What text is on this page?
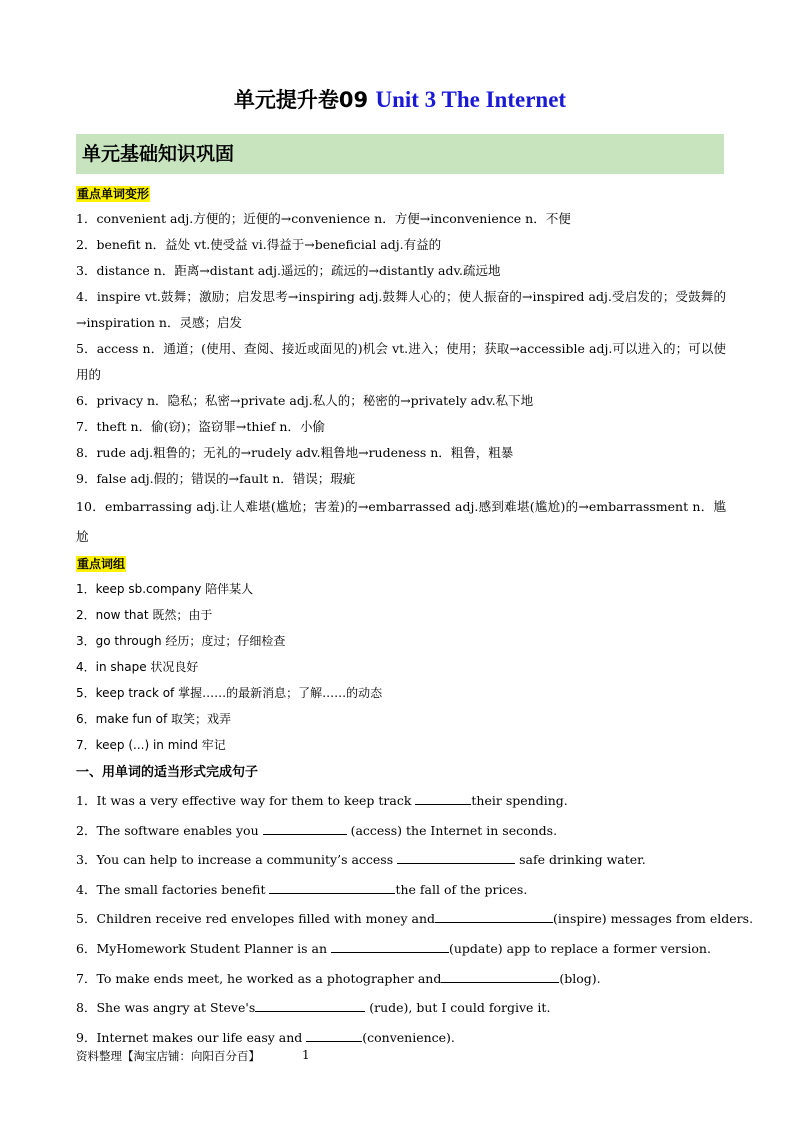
单元提升卷09 Unit 3 The Internet
单元基础知识巩固
重点单词变形
1．convenient adj.方便的；近便的→convenience n．方便→inconvenience n．不便
2．benefit n．益处 vt.使受益 vi.得益于→beneficial adj.有益的
3．distance n．距离→distant adj.遥远的；疏远的→distantly adv.疏远地
4．inspire vt.鼓舞；激励；启发思考→inspiring adj.鼓舞人心的；使人振奋的→inspired adj.受启发的；受鼓舞的→inspiration n．灵感；启发
5．access n．通道；(使用、查阅、接近或面见的)机会 vt.进入；使用；获取→accessible adj.可以进入的；可以使用的
6．privacy n．隐私；私密→private adj.私人的；秘密的→privately adv.私下地
7．theft n．偷(窃)；盗窃罪→thief n．小偷
8．rude adj.粗鲁的；无礼的→rudely adv.粗鲁地→rudeness n．粗鲁，粗暴
9．false adj.假的；错误的→fault n．错误；瑕疵
10．embarrassing adj.让人难堪(尴尬；害羞)的→embarrassed adj.感到难堪(尴尬)的→embarrassment n．尴尬
重点词组
1．keep sb.company 陪伴某人
2．now that 既然；由于
3．go through 经历；度过；仔细检查
4．in shape 状况良好
5．keep track of 掌握……的最新消息；了解……的动态
6．make fun of 取笑；戏弄
7．keep (...) in mind 牢记
一、用单词的适当形式完成句子
1．It was a very effective way for them to keep track	their spending.
2．The software enables you	(access) the Internet in seconds.
3．You can help to increase a community’s access	safe drinking water.
4．The small factories benefit	the fall of the prices.
5．Children receive red envelopes filled with money and	(inspire) messages from elders.
6．MyHomework Student Planner is an	(update) app to replace a former version.
7．To make ends meet, he worked as a photographer and	(blog).
8．She was angry at Steve's	(rude), but I could forgive it.
9．Internet makes our life easy and	(convenience).
资料整理【淘宝店铺：向阳百分百】	1
